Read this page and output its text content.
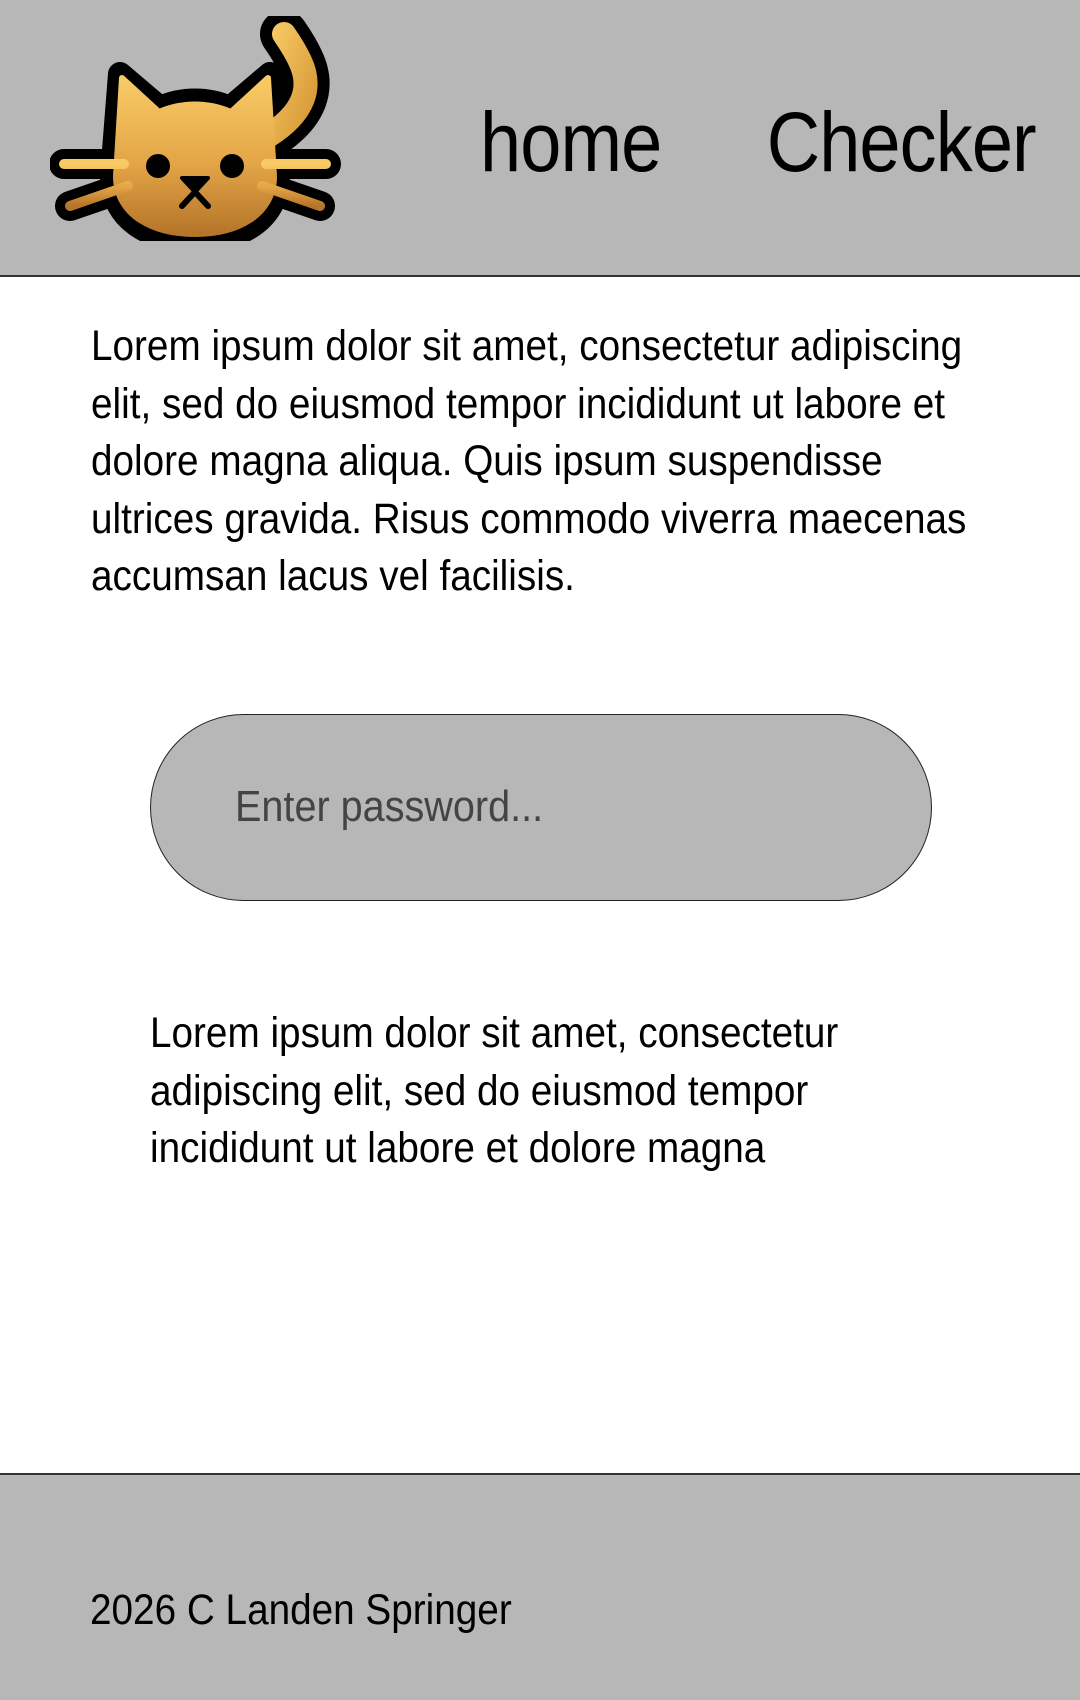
home Checker

Lorem ipsum dolor sit amet, consectetur adipiscing elit, sed do eiusmod tempor incididunt ut labore et dolore magna aliqua. Quis ipsum suspendisse ultrices gravida. Risus commodo viverra maecenas accumsan lacus vel facilisis.

Enter password...

Lorem ipsum dolor sit amet, consectetur adipiscing elit, sed do eiusmod tempor incididunt ut labore et dolore magna

2026 C Landen Springer
